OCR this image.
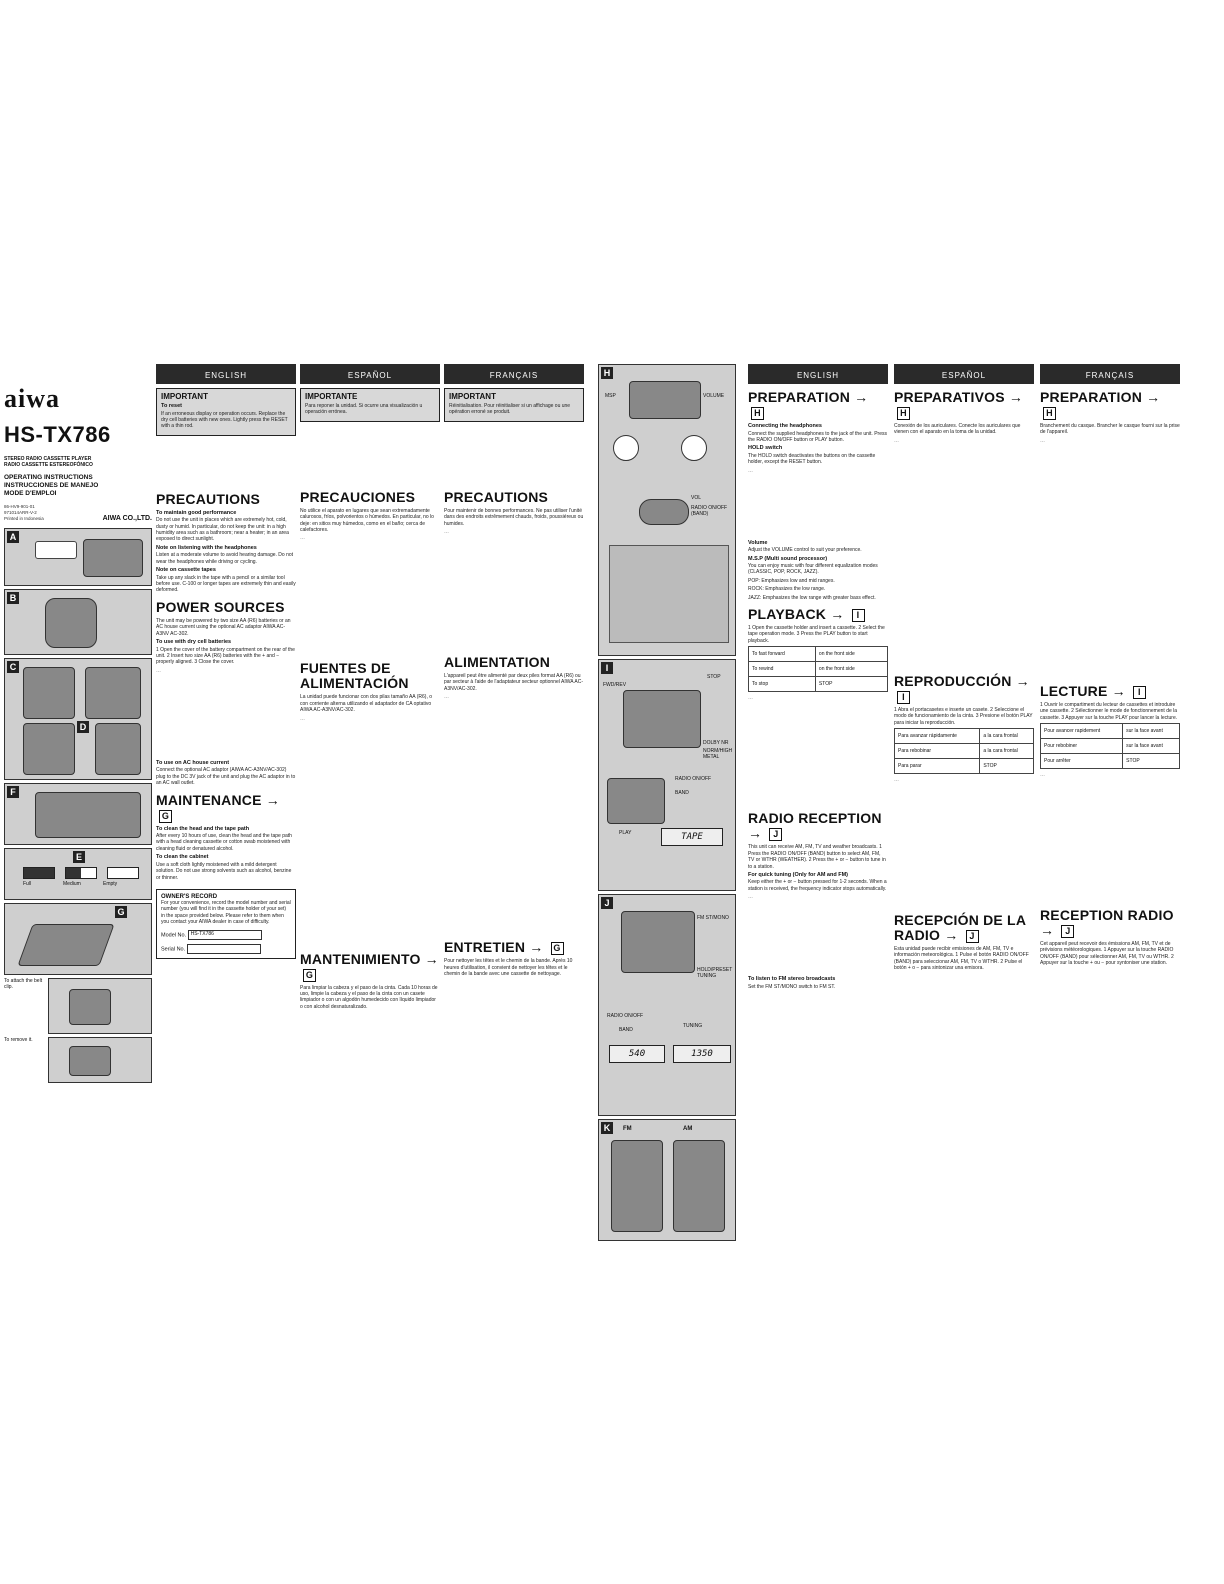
aiwa
HS-TX786
STEREO RADIO CASSETTE PLAYER
RADIO CASSETTE ESTEREOFÓNICO
OPERATING INSTRUCTIONS
INSTRUCCIONES DE MANEJO
MODE D'EMPLOI
86-HV9-901-01
971014ARR-V-2
Printed in Indonesia	AIWA CO.,LTD.
A
B
C
D
F
E
Full	Medium	Empty
G
To attach the belt clip.
To remove it.
ENGLISH
IMPORTANT
To reset
If an erroneous display or operation occurs. Replace the dry cell batteries with new ones. Lightly press the RESET with a thin rod.
PRECAUTIONS
To maintain good performance
Do not use the unit in places which are extremely hot, cold, dusty or humid. In particular, do not keep the unit: in a high humidity area such as a bathroom; near a heater; in an area exposed to direct sunlight.
Note on listening with the headphones
Listen at a moderate volume to avoid hearing damage. Do not wear the headphones while driving or cycling.
Note on cassette tapes
Take up any slack in the tape with a pencil or a similar tool before use. C-100 or longer tapes are extremely thin and easily deformed.
POWER SOURCES
The unit may be powered by two size AA (R6) batteries or an AC house current using the optional AC adaptor AIWA AC-A3NV AC-302.
To use with dry cell batteries
1 Open the cover of the battery compartment on the rear of the unit. 2 Insert two size AA (R6) batteries with the + and − properly aligned. 3 Close the cover.
…
To use on AC house current
Connect the optional AC adaptor (AIWA AC-A3NV/AC-302) plug to the DC 3V jack of the unit and plug the AC adaptor in to an AC wall outlet.
MAINTENANCE → G
To clean the head and the tape path
After every 10 hours of use, clean the head and the tape path with a head cleaning cassette or cotton swab moistened with cleaning fluid or denatured alcohol.
To clean the cabinet
Use a soft cloth lightly moistened with a mild detergent solution. Do not use strong solvents such as alcohol, benzine or thinner.
OWNER'S RECORD
For your convenience, record the model number and serial number (you will find it in the cassette holder of your set) in the space provided below. Please refer to them when you contact your AIWA dealer in case of difficulty.
Model No. HS-TX786
Serial No.
ESPAÑOL
IMPORTANTE
Para reponer la unidad. Si ocurre una visualización u operación errónea.
PRECAUCIONES
No utilice el aparato en lugares que sean extremadamente calurosos, fríos, polvorientos o húmedos. En particular, no lo deje: en sitios muy húmedos, como en el baño; cerca de calefactores.
…
FUENTES DE ALIMENTACIÓN
La unidad puede funcionar con dos pilas tamaño AA (R6), o con corriente alterna utilizando el adaptador de CA optativo AIWA AC-A3NV/AC-302.
…
MANTENIMIENTO → G
Para limpiar la cabeza y el paso de la cinta. Cada 10 horas de uso, limpie la cabeza y el paso de la cinta con un casete limpiador o con un algodón humedecido con líquido limpiador o con alcohol desnaturalizado.
FRANÇAIS
IMPORTANT
Réinitialisation. Pour réinitialiser si un affichage ou une opération erroné se produit.
PRECAUTIONS
Pour maintenir de bonnes performances. Ne pas utiliser l'unité dans des endroits extrêmement chauds, froids, poussiéreux ou humides.
…
ALIMENTATION
L'appareil peut être alimenté par deux piles format AA (R6) ou par secteur à l'aide de l'adaptateur secteur optionnel AIWA AC-A3NV/AC-302.
…
ENTRETIEN → G
Pour nettoyer les têtes et le chemin de la bande. Après 10 heures d'utilisation, il convient de nettoyer les têtes et le chemin de la bande avec une cassette de nettoyage.
H
MSP	VOLUME
VOL
RADIO ON/OFF (BAND)
I
FWD/REV
STOP
DOLBY NR
NORM/HIGH METAL
RADIO ON/OFF
BAND
PLAY	TAPE
J
FM ST/MONO
HOLD/PRESET TUNING
RADIO ON/OFF
BAND
TUNING
540	1350
K	FM	AM
ENGLISH
PREPARATION → H
Connecting the headphones
Connect the supplied headphones to the jack of the unit. Press the RADIO ON/OFF button or PLAY button.
HOLD switch
The HOLD switch deactivates the buttons on the cassette holder, except the RESET button.
…
Volume
Adjust the VOLUME control to suit your preference.
M.S.P (Multi sound processor)
You can enjoy music with four different equalization modes (CLASSIC, POP, ROCK, JAZZ).
POP: Emphasizes low and mid ranges.
ROCK: Emphasizes the low range.
JAZZ: Emphasizes the low range with greater bass effect.
PLAYBACK → I
1 Open the cassette holder and insert a cassette. 2 Select the tape operation mode. 3 Press the PLAY button to start playback.
To fast forward	on the front side
To rewind	on the front side
To stop	STOP
…
RADIO RECEPTION → J
This unit can receive AM, FM, TV and weather broadcasts. 1 Press the RADIO ON/OFF (BAND) button to select AM, FM, TV or WTHR (WEATHER). 2 Press the + or − button to tune in to a station.
For quick tuning (Only for AM and FM)
Keep either the + or − button pressed for 1-2 seconds. When a station is received, the frequency indicator stops automatically.
…
To listen to FM stereo broadcasts
Set the FM ST/MONO switch to FM ST.
ESPAÑOL
PREPARATIVOS → H
Conexión de los auriculares. Conecte los auriculares que vienen con el aparato en la toma de la unidad.
…
REPRODUCCIÓN → I
1 Abra el portacasetes e inserte un casete. 2 Seleccione el modo de funcionamiento de la cinta. 3 Presione el botón PLAY para iniciar la reproducción.
Para avanzar rápidamente	a la cara frontal
Para rebobinar	a la cara frontal
Para parar	STOP
…
RECEPCIÓN DE LA RADIO → J
Esta unidad puede recibir emisiones de AM, FM, TV e información meteorológica. 1 Pulse el botón RADIO ON/OFF (BAND) para seleccionar AM, FM, TV o WTHR. 2 Pulse el botón + o − para sintonizar una emisora.
FRANÇAIS
PREPARATION → H
Branchement du casque. Brancher le casque fourni sur la prise de l'appareil.
…
LECTURE → I
1 Ouvrir le compartiment du lecteur de cassettes et introduire une cassette. 2 Sélectionner le mode de fonctionnement de la cassette. 3 Appuyer sur la touche PLAY pour lancer la lecture.
Pour avancer rapidement	sur la face avant
Pour rebobiner	sur la face avant
Pour arrêter	STOP
…
RECEPTION RADIO → J
Cet appareil peut recevoir des émissions AM, FM, TV et de prévisions météorologiques. 1 Appuyer sur la touche RADIO ON/OFF (BAND) pour sélectionner AM, FM, TV ou WTHR. 2 Appuyer sur la touche + ou − pour syntoniser une station.
